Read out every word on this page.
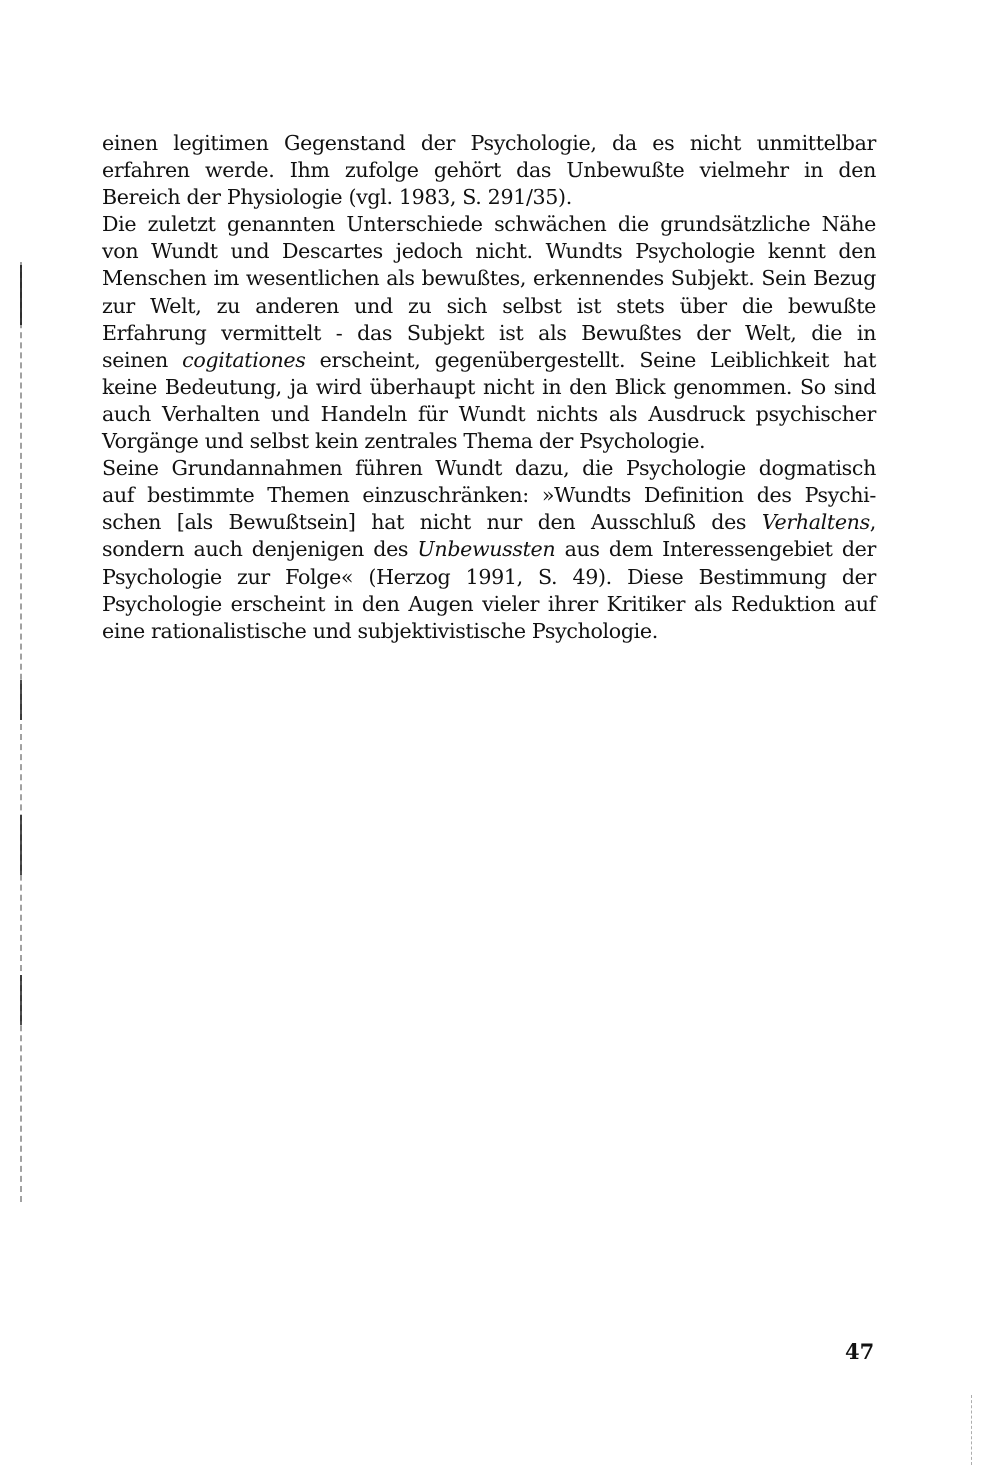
einen legitimen Gegenstand der Psychologie, da es nicht unmittelbar
erfahren werde. Ihm zufolge gehört das Unbewußte vielmehr in den
Bereich der Physiologie (vgl. 1983, S. 291/35).
Die zuletzt genannten Unterschiede schwächen die grundsätzliche Nähe
von Wundt und Descartes jedoch nicht. Wundts Psychologie kennt den
Menschen im wesentlichen als bewußtes, erkennendes Subjekt. Sein Bezug
zur Welt, zu anderen und zu sich selbst ist stets über die bewußte
Erfahrung vermittelt - das Subjekt ist als Bewußtes der Welt, die in
seinen cogitationes erscheint, gegenübergestellt. Seine Leiblichkeit hat
keine Bedeutung, ja wird überhaupt nicht in den Blick genommen. So sind
auch Verhalten und Handeln für Wundt nichts als Ausdruck psychischer
Vorgänge und selbst kein zentrales Thema der Psychologie.
Seine Grundannahmen führen Wundt dazu, die Psychologie dogmatisch
auf bestimmte Themen einzuschränken: »Wundts Definition des Psychi-
schen [als Bewußtsein] hat nicht nur den Ausschluß des Verhaltens,
sondern auch denjenigen des Unbewussten aus dem Interessengebiet der
Psychologie zur Folge« (Herzog 1991, S. 49). Diese Bestimmung der
Psychologie erscheint in den Augen vieler ihrer Kritiker als Reduktion auf
eine rationalistische und subjektivistische Psychologie.
47
